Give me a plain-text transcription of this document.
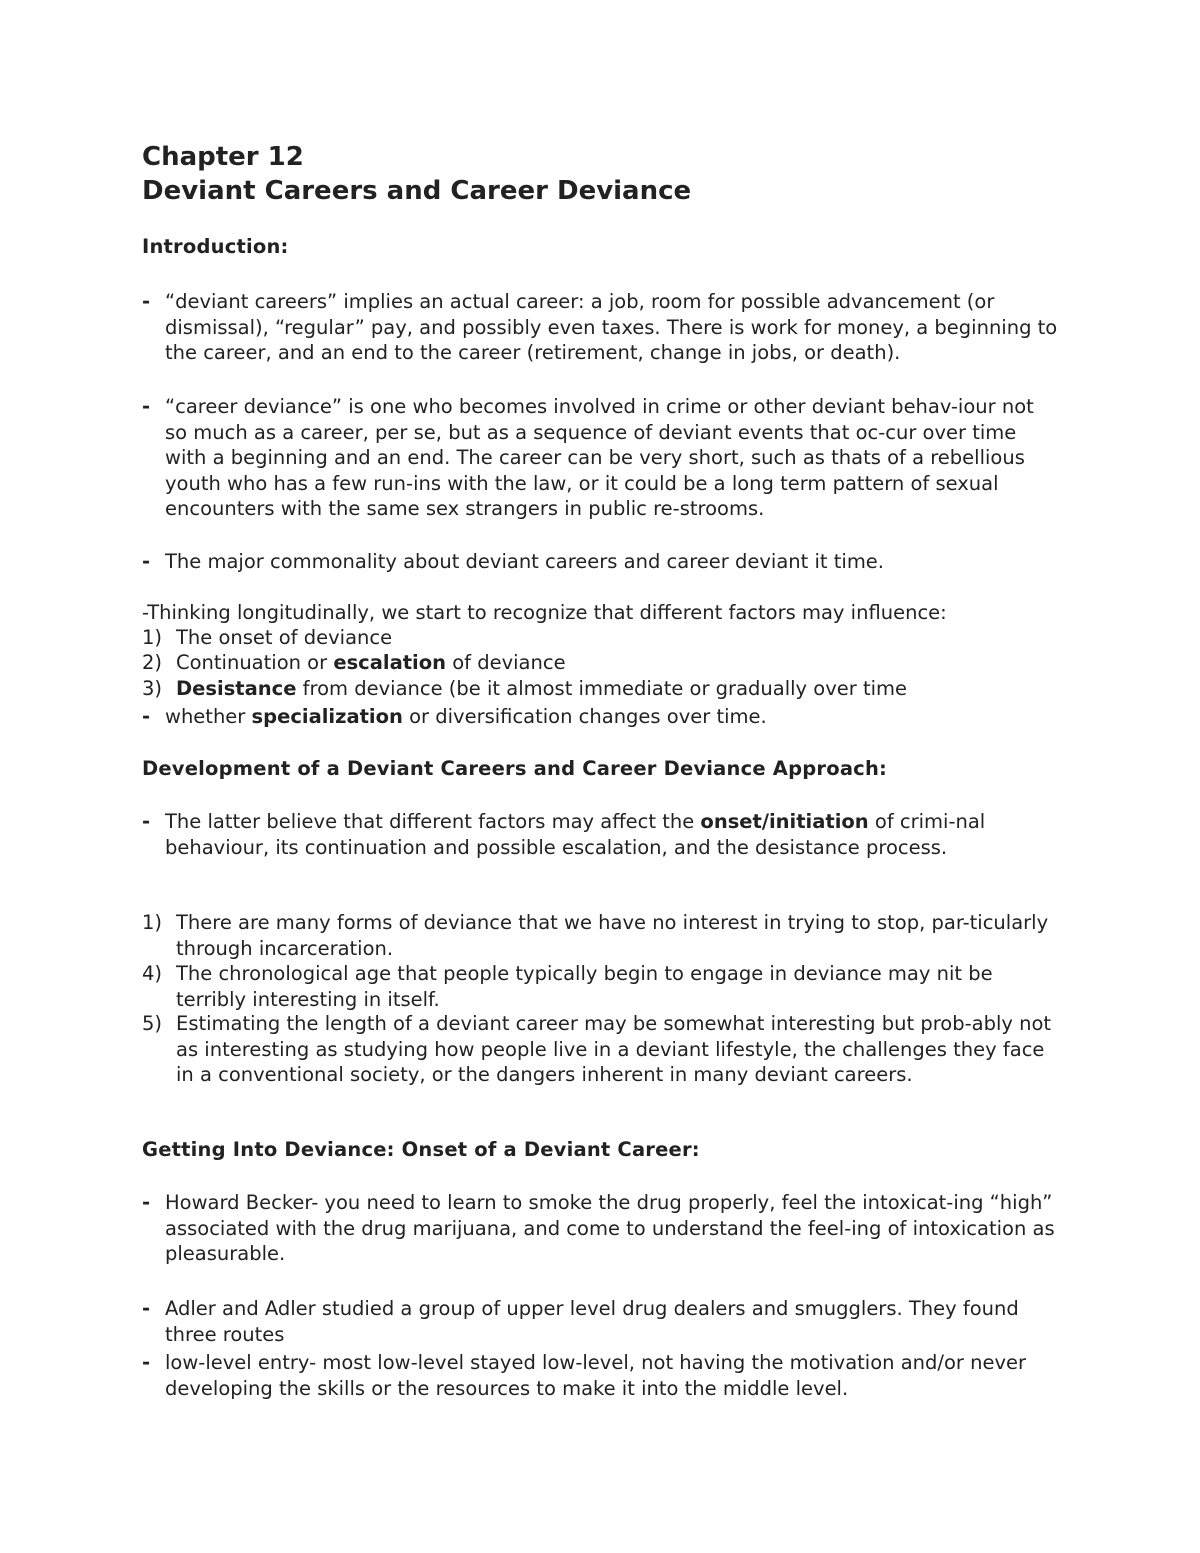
Chapter 12
Deviant Careers and Career Deviance
Introduction:
- “deviant careers” implies an actual career: a job, room for possible advancement (or dismissal), “regular” pay, and possibly even taxes. There is work for money, a beginning to the career, and an end to the career (retirement, change in jobs, or death).
- “career deviance” is one who becomes involved in crime or other deviant behav-iour not so much as a career, per se, but as a sequence of deviant events that oc-cur over time with a beginning and an end. The career can be very short, such as thats of a rebellious youth who has a few run-ins with the law, or it could be a long term pattern of sexual encounters with the same sex strangers in public re-strooms.
- The major commonality about deviant careers and career deviant it time.
-Thinking longitudinally, we start to recognize that different factors may influence:
1) The onset of deviance
2) Continuation or escalation of deviance
3) Desistance from deviance (be it almost immediate or gradually over time
- whether specialization or diversification changes over time.
Development of a Deviant Careers and Career Deviance Approach:
- The latter believe that different factors may affect the onset/initiation of crimi-nal behaviour, its continuation and possible escalation, and the desistance process.
1) There are many forms of deviance that we have no interest in trying to stop, par-ticularly through incarceration.
4) The chronological age that people typically begin to engage in deviance may nit be terribly interesting in itself.
5) Estimating the length of a deviant career may be somewhat interesting but prob-ably not as interesting as studying how people live in a deviant lifestyle, the challenges they face in a conventional society, or the dangers inherent in many deviant careers.
Getting Into Deviance: Onset of a Deviant Career:
- Howard Becker- you need to learn to smoke the drug properly, feel the intoxicat-ing “high” associated with the drug marijuana, and come to understand the feel-ing of intoxication as pleasurable.
- Adler and Adler studied a group of upper level drug dealers and smugglers. They found three routes
- low-level entry- most low-level stayed low-level, not having the motivation and/or never developing the skills or the resources to make it into the middle level.
